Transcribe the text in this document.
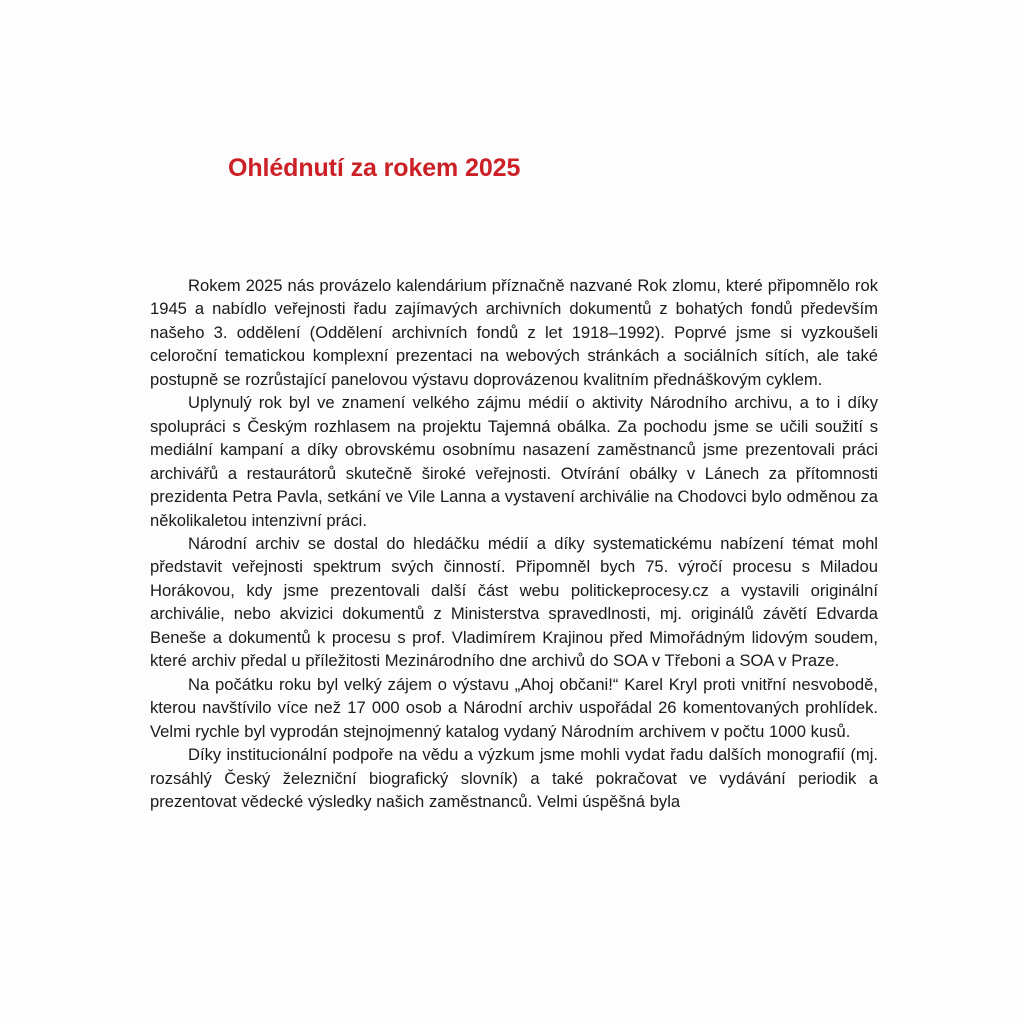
Ohlédnutí za rokem 2025

Rokem 2025 nás provázelo kalendárium příznačně nazvané Rok zlomu, které připomnělo rok 1945 a nabídlo veřejnosti řadu zajímavých archivních dokumentů z bohatých fondů především našeho 3. oddělení (Oddělení archivních fondů z let 1918–1992). Poprvé jsme si vyzkoušeli celoroční tematickou komplexní prezentaci na webových stránkách a sociálních sítích, ale také postupně se rozrůstající panelovou výstavu doprovázenou kvalitním přednáškovým cyklem.

Uplynulý rok byl ve znamení velkého zájmu médií o aktivity Národního archivu, a to i díky spolupráci s Českým rozhlasem na projektu Tajemná obálka. Za pochodu jsme se učili soužití s mediální kampaní a díky obrovskému osobnímu nasazení zaměstnanců jsme prezentovali práci archivářů a restaurátorů skutečně široké veřejnosti. Otvírání obálky v Lánech za přítomnosti prezidenta Petra Pavla, setkání ve Vile Lanna a vystavení archiválie na Chodovci bylo odměnou za několikaletou intenzivní práci.

Národní archiv se dostal do hledáčku médií a díky systematickému nabízení témat mohl představit veřejnosti spektrum svých činností. Připomněl bych 75. výročí procesu s Miladou Horákovou, kdy jsme prezentovali další část webu politickeprocesy.cz a vystavili originální archiválie, nebo akvizici dokumentů z Ministerstva spravedlnosti, mj. originálů závětí Edvarda Beneše a dokumentů k procesu s prof. Vladimírem Krajinou před Mimořádným lidovým soudem, které archiv předal u příležitosti Mezinárodního dne archivů do SOA v Třeboni a SOA v Praze.

Na počátku roku byl velký zájem o výstavu „Ahoj občani!“ Karel Kryl proti vnitřní nesvobodě, kterou navštívilo více než 17 000 osob a Národní archiv uspořádal 26 komentovaných prohlídek. Velmi rychle byl vyprodán stejnojmenný katalog vydaný Národním archivem v počtu 1000 kusů.

Díky institucionální podpoře na vědu a výzkum jsme mohli vydat řadu dalších monografií (mj. rozsáhlý Český železniční biografický slovník) a také pokračovat ve vydávání periodik a prezentovat vědecké výsledky našich zaměstnanců. Velmi úspěšná byla
